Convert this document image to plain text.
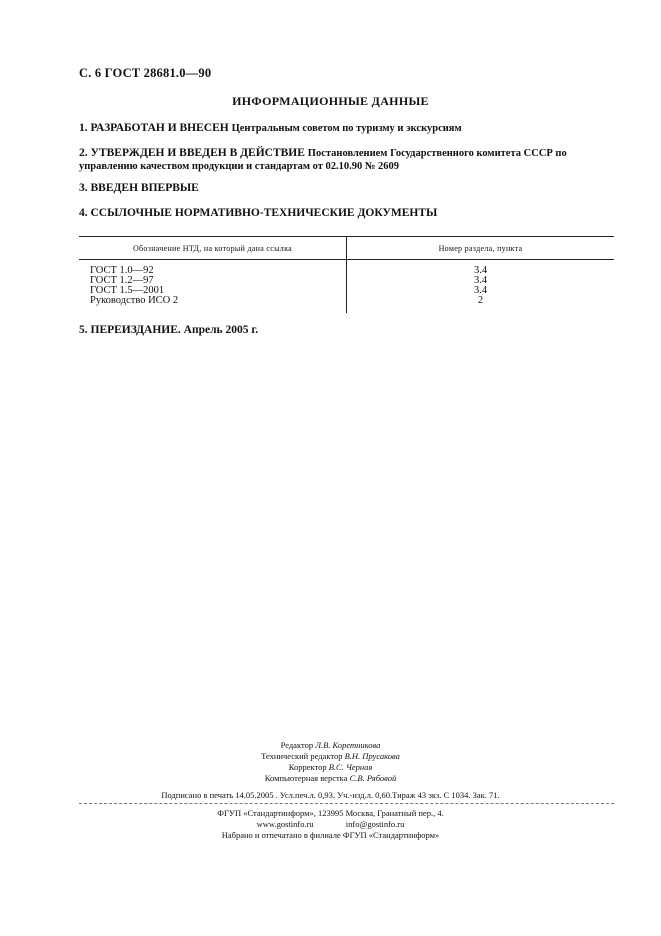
С. 6 ГОСТ 28681.0—90
ИНФОРМАЦИОННЫЕ ДАННЫЕ
1. РАЗРАБОТАН И ВНЕСЕН Центральным советом по туризму и экскурсиям
2. УТВЕРЖДЕН И ВВЕДЕН В ДЕЙСТВИЕ Постановлением Государственного комитета СССР по управлению качеством продукции и стандартам от 02.10.90 № 2609
3. ВВЕДЕН ВПЕРВЫЕ
4. ССЫЛОЧНЫЕ НОРМАТИВНО-ТЕХНИЧЕСКИЕ ДОКУМЕНТЫ
Обозначение НТД, на который дана ссылка	Номер раздела, пункта
ГОСТ 1.0—92	3.4
ГОСТ 1.2—97	3.4
ГОСТ 1.5—2001	3.4
Руководство ИСО 2	2
5. ПЕРЕИЗДАНИЕ. Апрель 2005 г.
Редактор Л.В. Коретникова
Технический редактор В.Н. Прусакова
Корректор В.С. Черная
Компьютерная верстка С.В. Рябовой
Подписано в печать 14.05.2005 . Усл.печ.л. 0,93. Уч.-изд.л. 0,60.Тираж 43 экз. С 1034. Зак. 71.
ФГУП «Стандартинформ», 123995 Москва, Гранатный пер., 4.
www.gostinfo.ru	info@gostinfo.ru
Набрано и отпечатано в филиале ФГУП «Стандартинформ»
